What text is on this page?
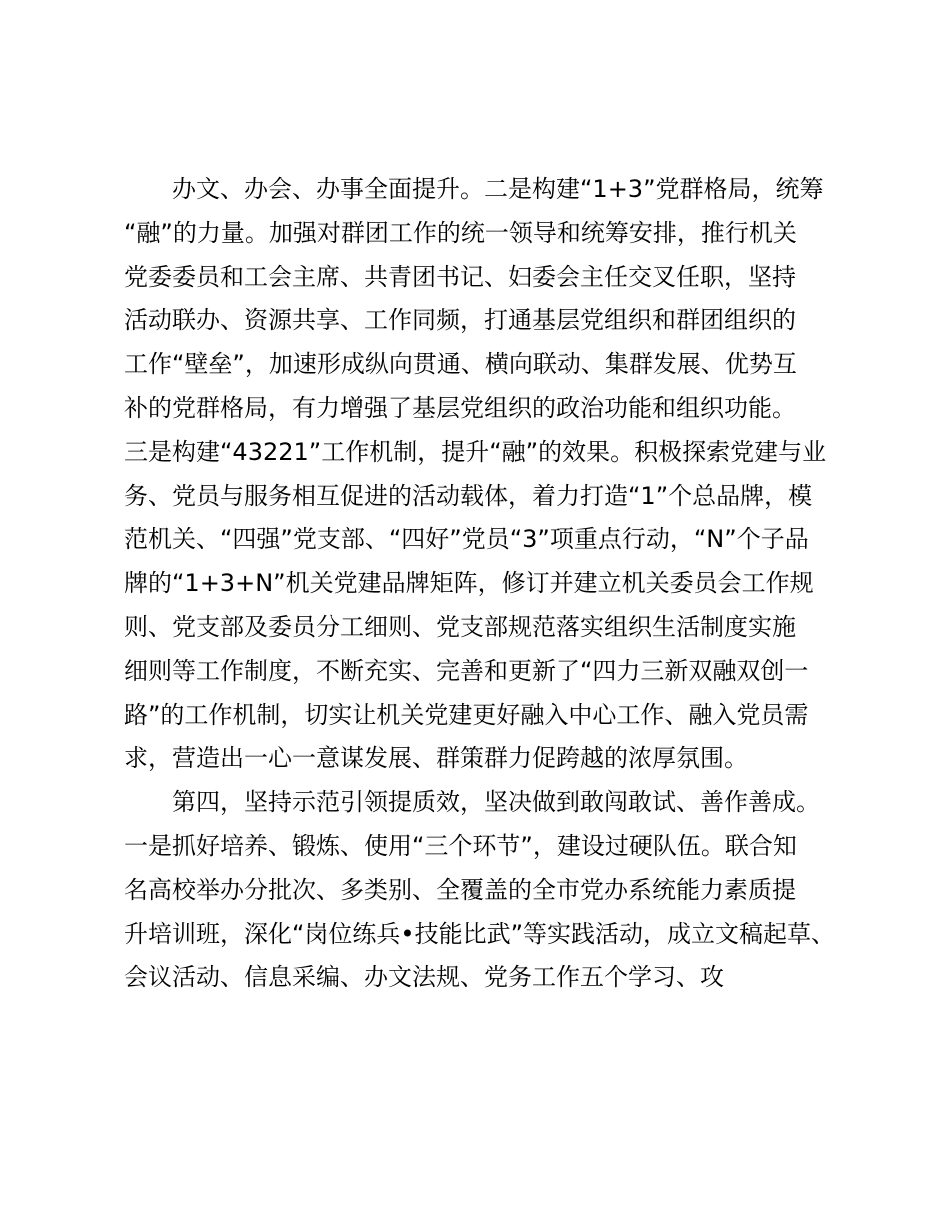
办文、办会、办事全面提升。二是构建“1+3”党群格局，统筹
“融”的力量。加强对群团工作的统一领导和统筹安排，推行机关
党委委员和工会主席、共青团书记、妇委会主任交叉任职，坚持
活动联办、资源共享、工作同频，打通基层党组织和群团组织的
工作“壁垒”，加速形成纵向贯通、横向联动、集群发展、优势互
补的党群格局，有力增强了基层党组织的政治功能和组织功能。
三是构建“43221”工作机制，提升“融”的效果。积极探索党建与业
务、党员与服务相互促进的活动载体，着力打造“1”个总品牌，模
范机关、“四强”党支部、“四好”党员“3”项重点行动，“N”个子品
牌的“1+3+N”机关党建品牌矩阵，修订并建立机关委员会工作规
则、党支部及委员分工细则、党支部规范落实组织生活制度实施
细则等工作制度，不断充实、完善和更新了“四力三新双融双创一
路”的工作机制，切实让机关党建更好融入中心工作、融入党员需
求，营造出一心一意谋发展、群策群力促跨越的浓厚氛围。
第四，坚持示范引领提质效，坚决做到敢闯敢试、善作善成。
一是抓好培养、锻炼、使用“三个环节”，建设过硬队伍。联合知
名高校举办分批次、多类别、全覆盖的全市党办系统能力素质提
升培训班，深化“岗位练兵•技能比武”等实践活动，成立文稿起草、
会议活动、信息采编、办文法规、党务工作五个学习、攻
